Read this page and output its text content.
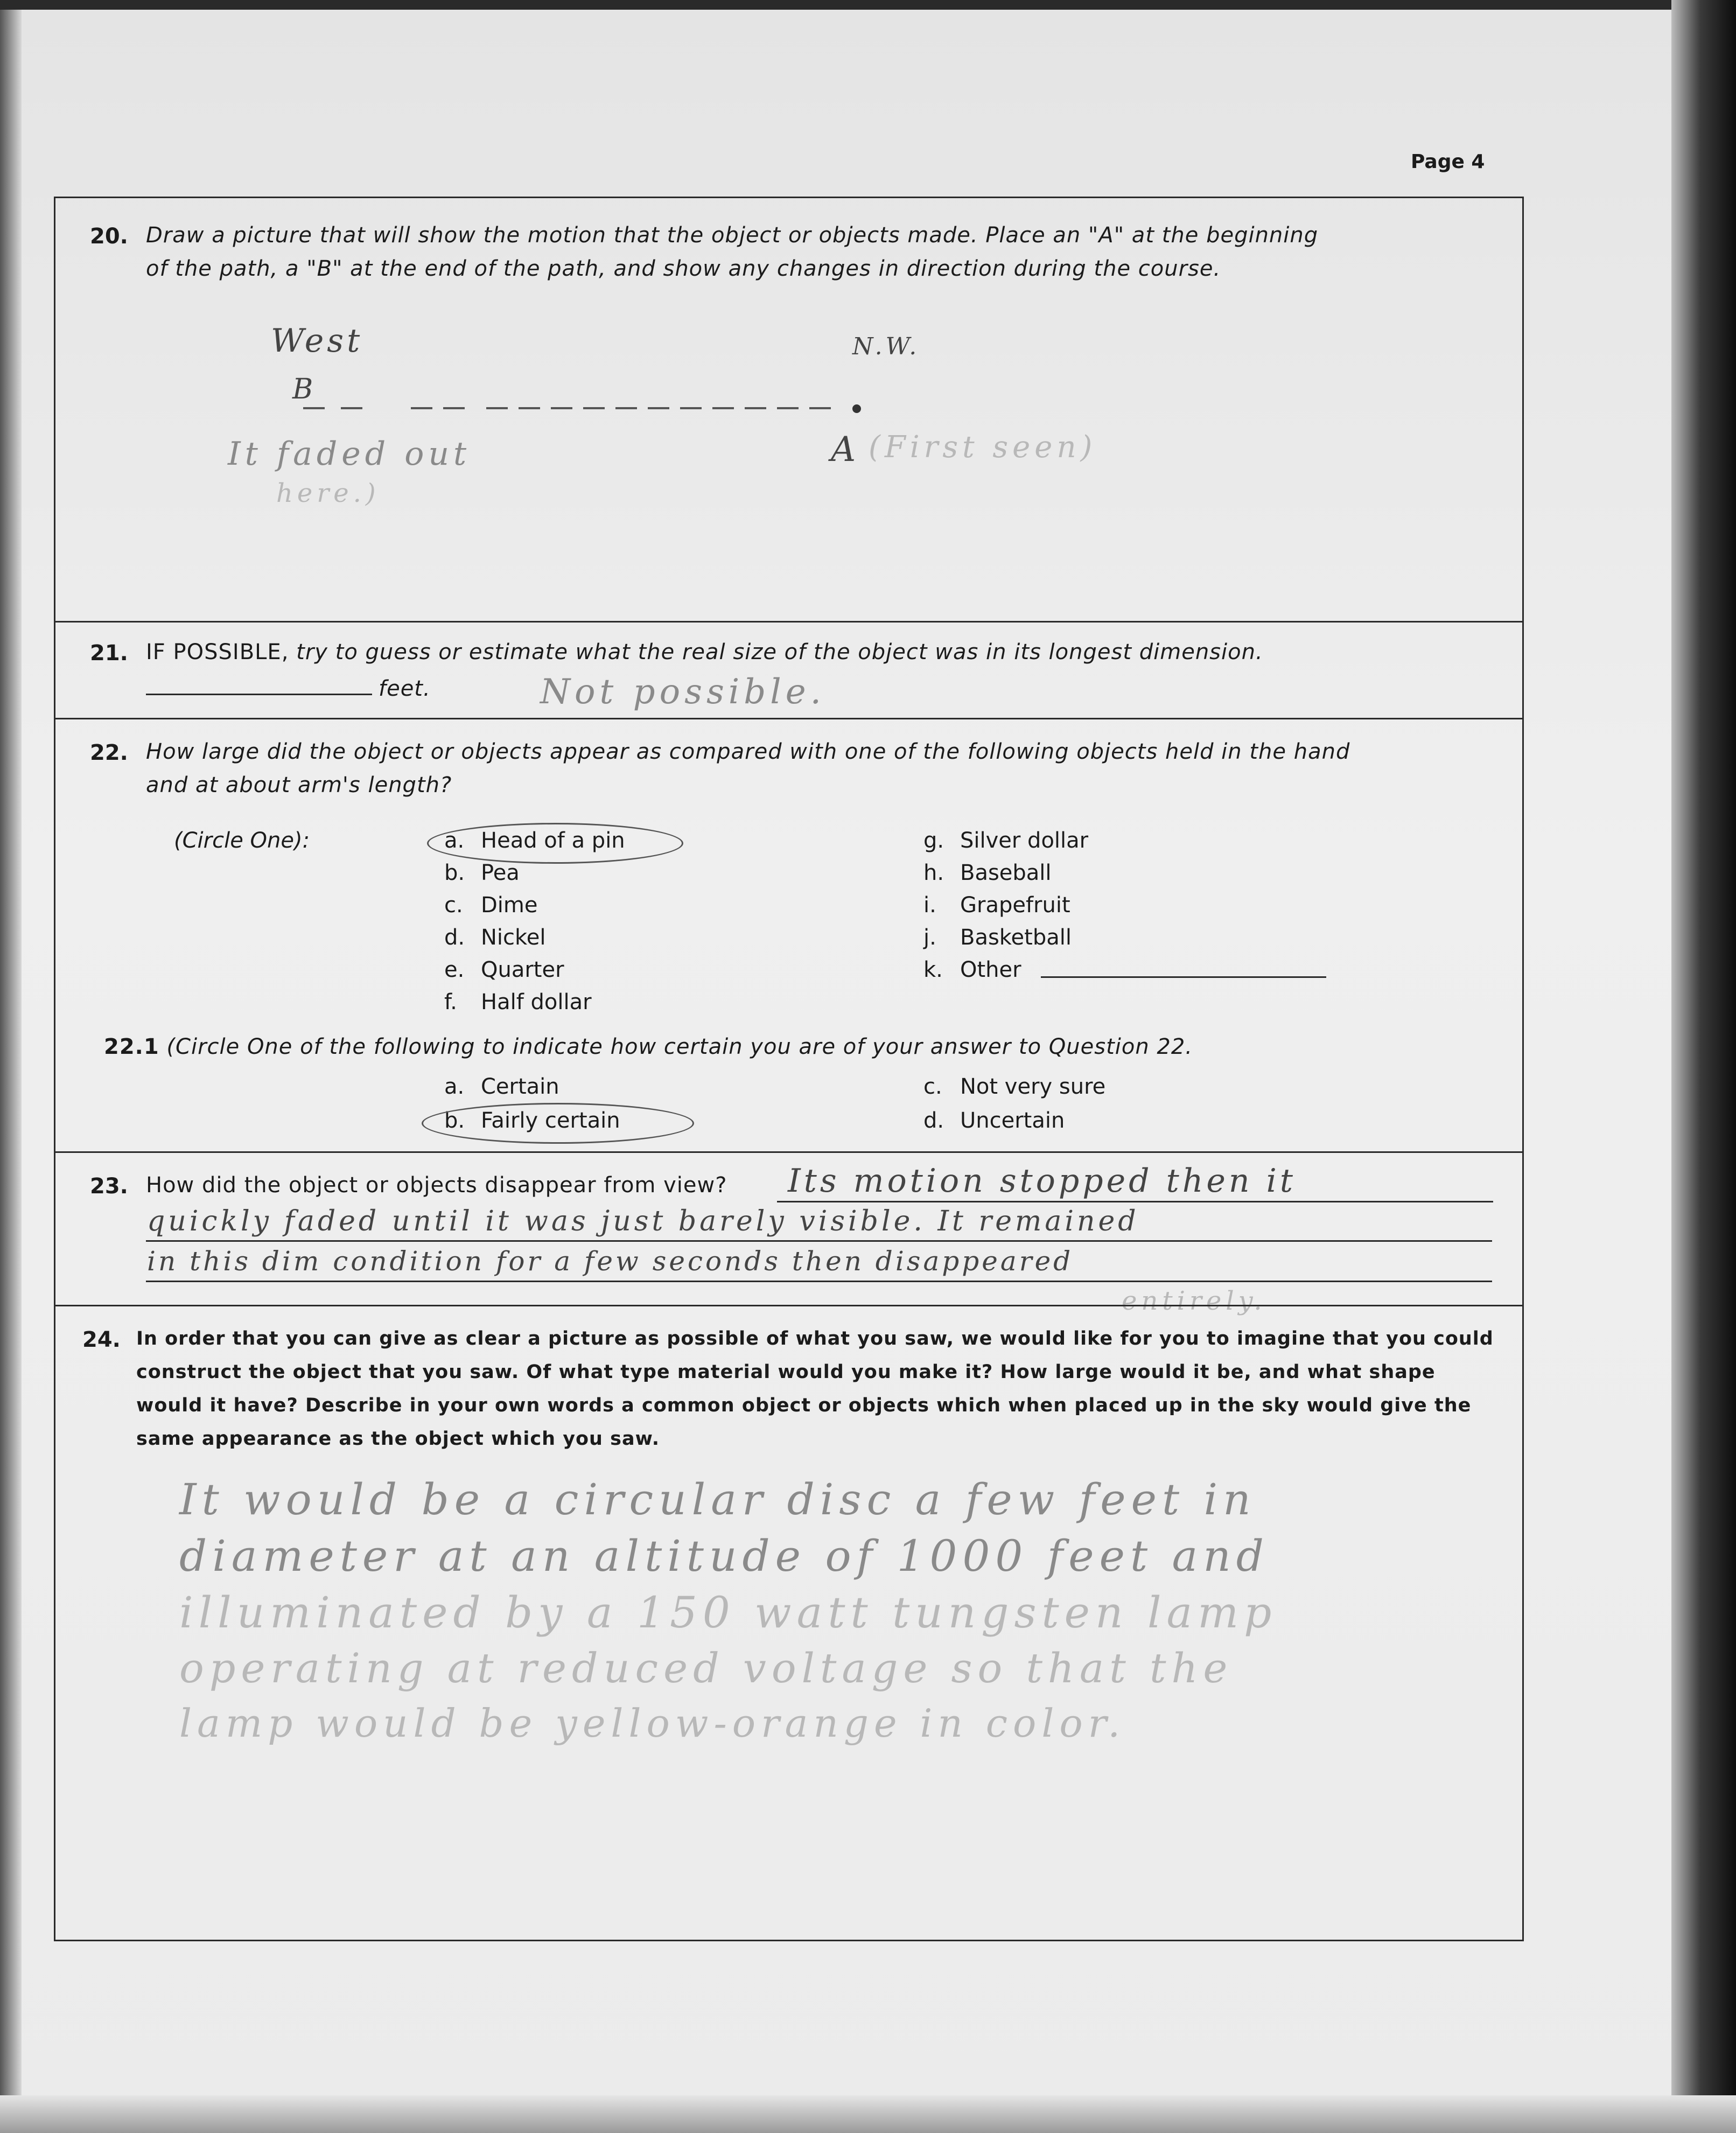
Page 4
20. Draw a picture that will show the motion that the object or objects made. Place an "A" at the beginning
of the path, a "B" at the end of the path, and show any changes in direction during the course.
West	N.W.
B
It faded out
here.)
A (First seen)
21. IF POSSIBLE, try to guess or estimate what the real size of the object was in its longest dimension.
feet.	Not possible.
22. How large did the object or objects appear as compared with one of the following objects held in the hand
and at about arm's length?
(Circle One):	a. Head of a pin
b. Pea
c. Dime
d. Nickel
e. Quarter
f. Half dollar
g. Silver dollar
h. Baseball
i. Grapefruit
j. Basketball
k. Other
22.1 (Circle One of the following to indicate how certain you are of your answer to Question 22.
a. Certain
b. Fairly certain
c. Not very sure
d. Uncertain
23. How did the object or objects disappear from view? Its motion stopped then it
quickly faded until it was just barely visible. It remained
in this dim condition for a few seconds then disappeared
entirely.
24. In order that you can give as clear a picture as possible of what you saw, we would like for you to imagine that you could
construct the object that you saw. Of what type material would you make it? How large would it be, and what shape
would it have? Describe in your own words a common object or objects which when placed up in the sky would give the
same appearance as the object which you saw.
It would be a circular disc a few feet in
diameter at an altitude of 1000 feet and
illuminated by a 150 watt tungsten lamp
operating at reduced voltage so that the
lamp would be yellow-orange in color.
